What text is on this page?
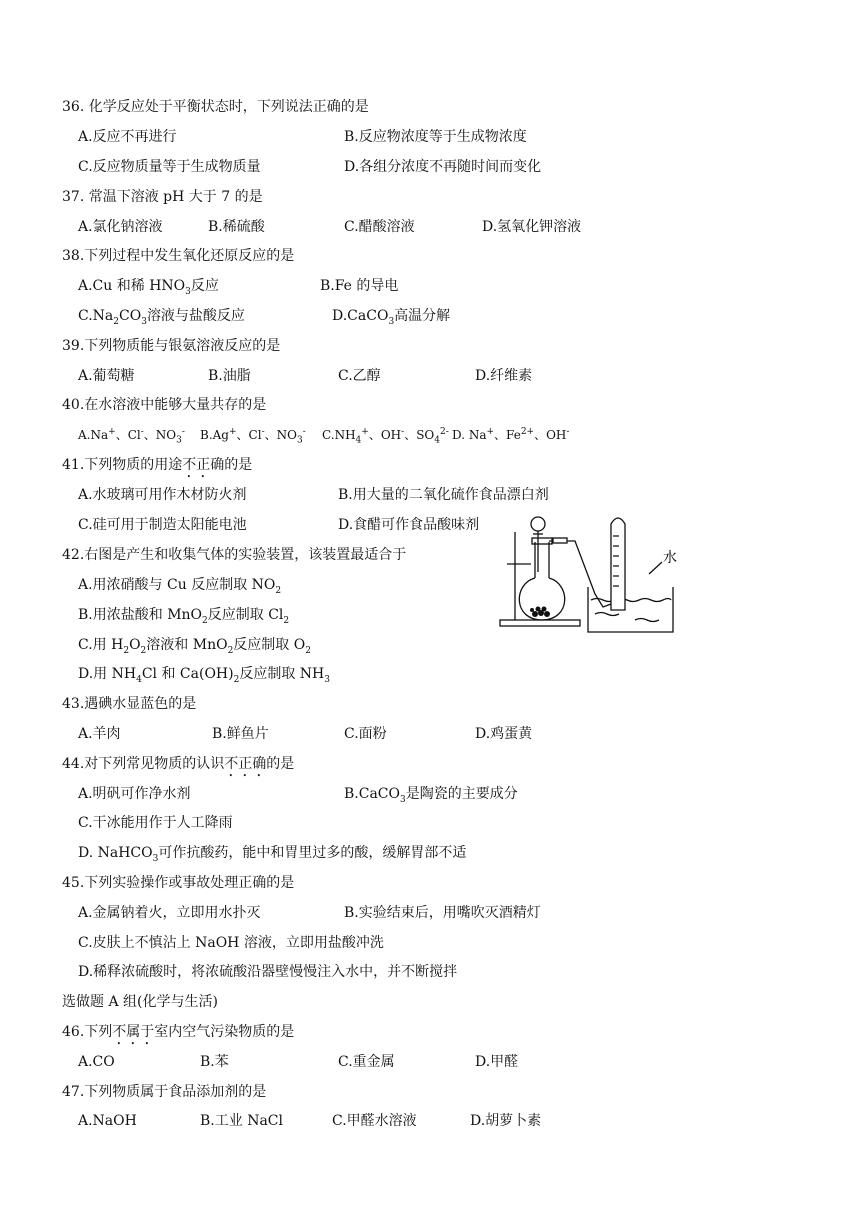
36. 化学反应处于平衡状态时，下列说法正确的是
A.反应不再进行	B.反应物浓度等于生成物浓度
C.反应物质量等于生成物质量	D.各组分浓度不再随时间而变化
37. 常温下溶液 pH 大于 7 的是
A.氯化钠溶液	B.稀硫酸	C.醋酸溶液	D.氢氧化钾溶液
38.下列过程中发生氧化还原反应的是
A.Cu 和稀 $HNO_3$反应	B.Fe 的导电
$C.Na_2CO_3$溶液与盐酸反应	D.CaCO$_3$高温分解
39.下列物质能与银氨溶液反应的是
A.葡萄糖	B.油脂	C.乙醇	D.纤维素
40.在水溶液中能够大量共存的是
A.Na+、Cl-、$NO_3^-$ B.Ag+、Cl-、$NO_3^-$ $C.NH_4^+$、OH-、$SO_4^{2-}$ D. Na+、$Fe^{2+}$、OH-
41.下列物质的用途不正确的是
A.水玻璃可用作木材防火剂	B.用大量的二氧化硫作食品漂白剂
C.硅可用于制造太阳能电池	D.食醋可作食品酸味剂
42.右图是产生和收集气体的实验装置，该装置最适合于
A.用浓硝酸与 Cu 反应制取 $NO_2$
B.用浓盐酸和 MnO$_2$反应制取 $Cl_2$
C.用 $H_2O_2$溶液和 MnO$_2$反应制取 $O_2$
D.用 $NH_4Cl$ 和 $Ca(OH)_2$反应制取 $NH_3$
水
43.遇碘水显蓝色的是
A.羊肉	B.鲜鱼片	C.面粉	D.鸡蛋黄
44.对下列常见物质的认识不正确的是
A.明矾可作净水剂	B.CaCO$_3$是陶瓷的主要成分
C.干冰能用作于人工降雨
D. NaHCO$_3$可作抗酸药，能中和胃里过多的酸，缓解胃部不适
45.下列实验操作或事故处理正确的是
A.金属钠着火，立即用水扑灭	B.实验结束后，用嘴吹灭酒精灯
C.皮肤上不慎沾上 NaOH 溶液，立即用盐酸冲洗
D.稀释浓硫酸时，将浓硫酸沿器壁慢慢注入水中，并不断搅拌
选做题 A 组(化学与生活)
46.下列不属于室内空气污染物质的是
A.CO	B.苯	C.重金属	D.甲醛
47.下列物质属于食品添加剂的是
A.NaOH	B.工业 NaCl	C.甲醛水溶液	D.胡萝卜素
